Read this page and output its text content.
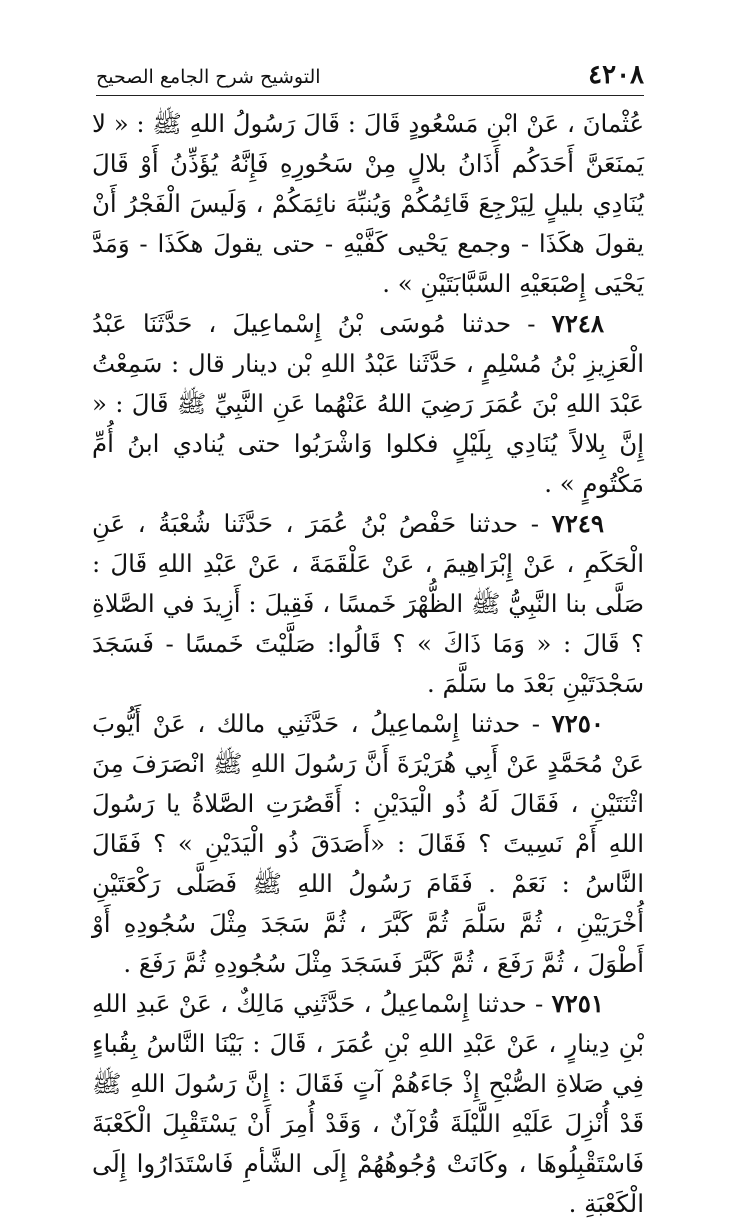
٤٢٠٨
التوشيح شرح الجامع الصحيح

عُثْمانَ ، عَنْ ابْنِ مَسْعُودٍ قَالَ : قَالَ رَسُولُ اللهِ ﷺ : « لا يَمنَعَنَّ أَحَدَكُم أَذَانُ بلالٍ مِنْ سَحُورِهِ فَإِنَّهُ يُؤَذِّنُ أَوْ قَالَ يُنَادِي بليلٍ لِيَرْجِعَ قَائِمُكُمْ وَيُنبِّهَ نائِمَكُمْ ، وَلَيسَ الْفَجْرُ أَنْ يقولَ هكَذَا - وجمع يَحْيى كَفَّيْهِ - حتى يقولَ هكَذَا - وَمَدَّ يَحْيَى إِصْبَعَيْهِ السَّبَّابَتَيْنِ » .

٧٢٤٨ - حدثنا مُوسَى بْنُ إِسْماعِيلَ ، حَدَّثَنَا عَبْدُ الْعَزِيزِ بْنُ مُسْلِمٍ ، حَدَّثَنا عَبْدُ اللهِ بْن دينار قال : سَمِعْتُ عَبْدَ اللهِ بْنَ عُمَرَ رَضِيَ اللهُ عَنْهُما عَنِ النَّبِيِّ ﷺ قَالَ : « إِنَّ بِلالاً يُنَادِي بِلَيْلٍ فكلوا وَاشْرَبُوا حتى يُنادي ابنُ أُمِّ مَكْتُومٍ » .

٧٢٤٩ - حدثنا حَفْصُ بْنُ عُمَرَ ، حَدَّثَنا شُعْبَةُ ، عَنِ الْحَكَمِ ، عَنْ إِبْرَاهِيمَ ، عَنْ عَلْقَمَةَ ، عَنْ عَبْدِ اللهِ قَالَ : صَلَّى بنا النَّبِيُّ ﷺ الظُّهْرَ خَمسًا ، فَقِيلَ : أَزِيدَ في الصَّلاةِ ؟ قَالَ : « وَمَا ذَاكَ » ؟ قَالُوا: صَلَّيْتَ خَمسًا - فَسَجَدَ سَجْدَتَيْنِ بَعْدَ ما سَلَّمَ .

٧٢٥٠ - حدثنا إِسْماعِيلُ ، حَدَّثَنِي مالك ، عَنْ أَيُّوبَ عَنْ مُحَمَّدٍ عَنْ أَبِي هُرَيْرَةَ أَنَّ رَسُولَ اللهِ ﷺ انْصَرَفَ مِنَ اثْنَتَيْنِ ، فَقَالَ لَهُ ذُو الْيَدَيْنِ : أَقَصُرَتِ الصَّلاةُ يا رَسُولَ اللهِ أَمْ نَسِيتَ ؟ فَقَالَ : «أَصَدَقَ ذُو الْيَدَيْنِ » ؟ فَقَالَ النَّاسُ : نَعَمْ . فَقَامَ رَسُولُ اللهِ ﷺ فَصَلَّى رَكْعَتَيْنِ أُخْرَيَيْنِ ، ثُمَّ سَلَّمَ ثُمَّ كَبَّرَ ، ثُمَّ سَجَدَ مِثْلَ سُجُودِهِ أَوْ أَطْوَلَ ، ثُمَّ رَفَعَ ، ثُمَّ كَبَّرَ فَسَجَدَ مِثْلَ سُجُودِهِ ثُمَّ رَفَعَ .

٧٢٥١ - حدثنا إِسْماعِيلُ ، حَدَّثَنِي مَالِكٌ ، عَنْ عَبدِ اللهِ بْنِ دِينارٍ ، عَنْ عَبْدِ اللهِ بْنِ عُمَرَ ، قَالَ : بَيْنَا النَّاسُ بِقُباءٍ فِي صَلاةِ الصُّبْحِ إِذْ جَاءَهُمْ آتٍ فَقَالَ : إِنَّ رَسُولَ اللهِ ﷺ قَدْ أُنْزِلَ عَلَيْهِ اللَّيْلَةَ قُرْآنٌ ، وَقَدْ أُمِرَ أَنْ يَسْتَقْبِلَ الْكَعْبَةَ فَاسْتَقْبِلُوهَا ، وكَانَتْ وُجُوهُهُمْ إِلَى الشَّأمِ فَاسْتَدَارُوا إِلَى الْكَعْبَةِ .
